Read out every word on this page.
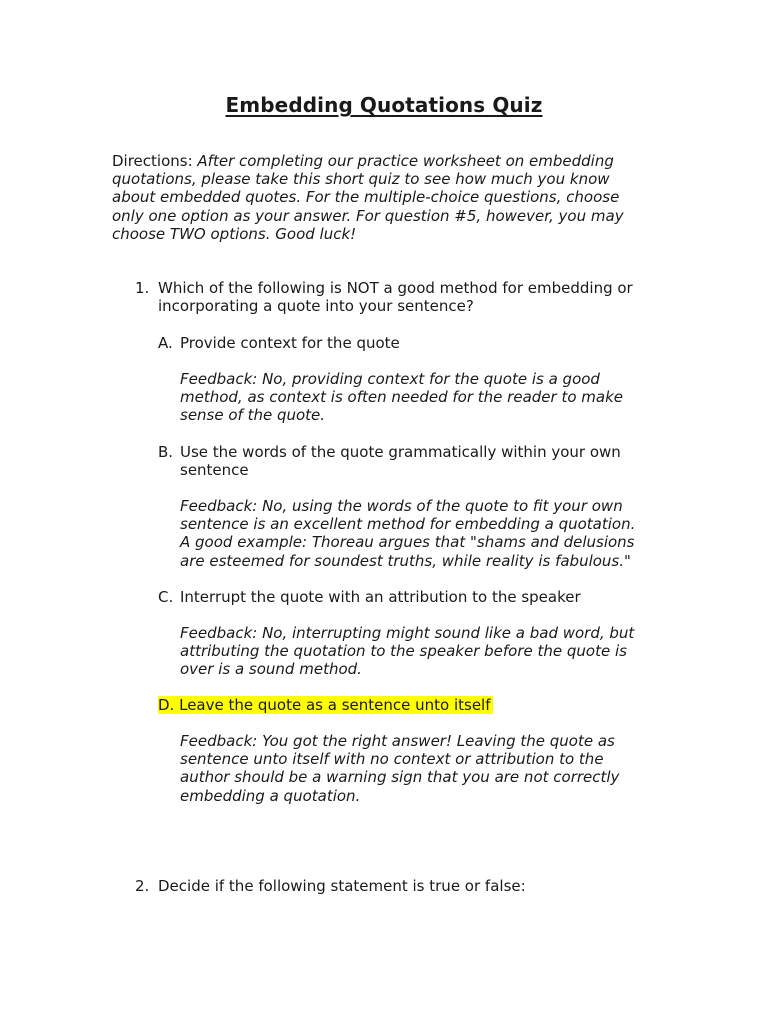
Embedding Quotations Quiz
Directions: After completing our practice worksheet on embedding quotations, please take this short quiz to see how much you know about embedded quotes. For the multiple-choice questions, choose only one option as your answer. For question #5, however, you may choose TWO options. Good luck!
1. Which of the following is NOT a good method for embedding or incorporating a quote into your sentence?
A. Provide context for the quote
Feedback: No, providing context for the quote is a good method, as context is often needed for the reader to make sense of the quote.
B. Use the words of the quote grammatically within your own sentence
Feedback: No, using the words of the quote to fit your own sentence is an excellent method for embedding a quotation. A good example: Thoreau argues that "shams and delusions are esteemed for soundest truths, while reality is fabulous."
C. Interrupt the quote with an attribution to the speaker
Feedback: No, interrupting might sound like a bad word, but attributing the quotation to the speaker before the quote is over is a sound method.
D. Leave the quote as a sentence unto itself
Feedback: You got the right answer! Leaving the quote as sentence unto itself with no context or attribution to the author should be a warning sign that you are not correctly embedding a quotation.
2. Decide if the following statement is true or false:
